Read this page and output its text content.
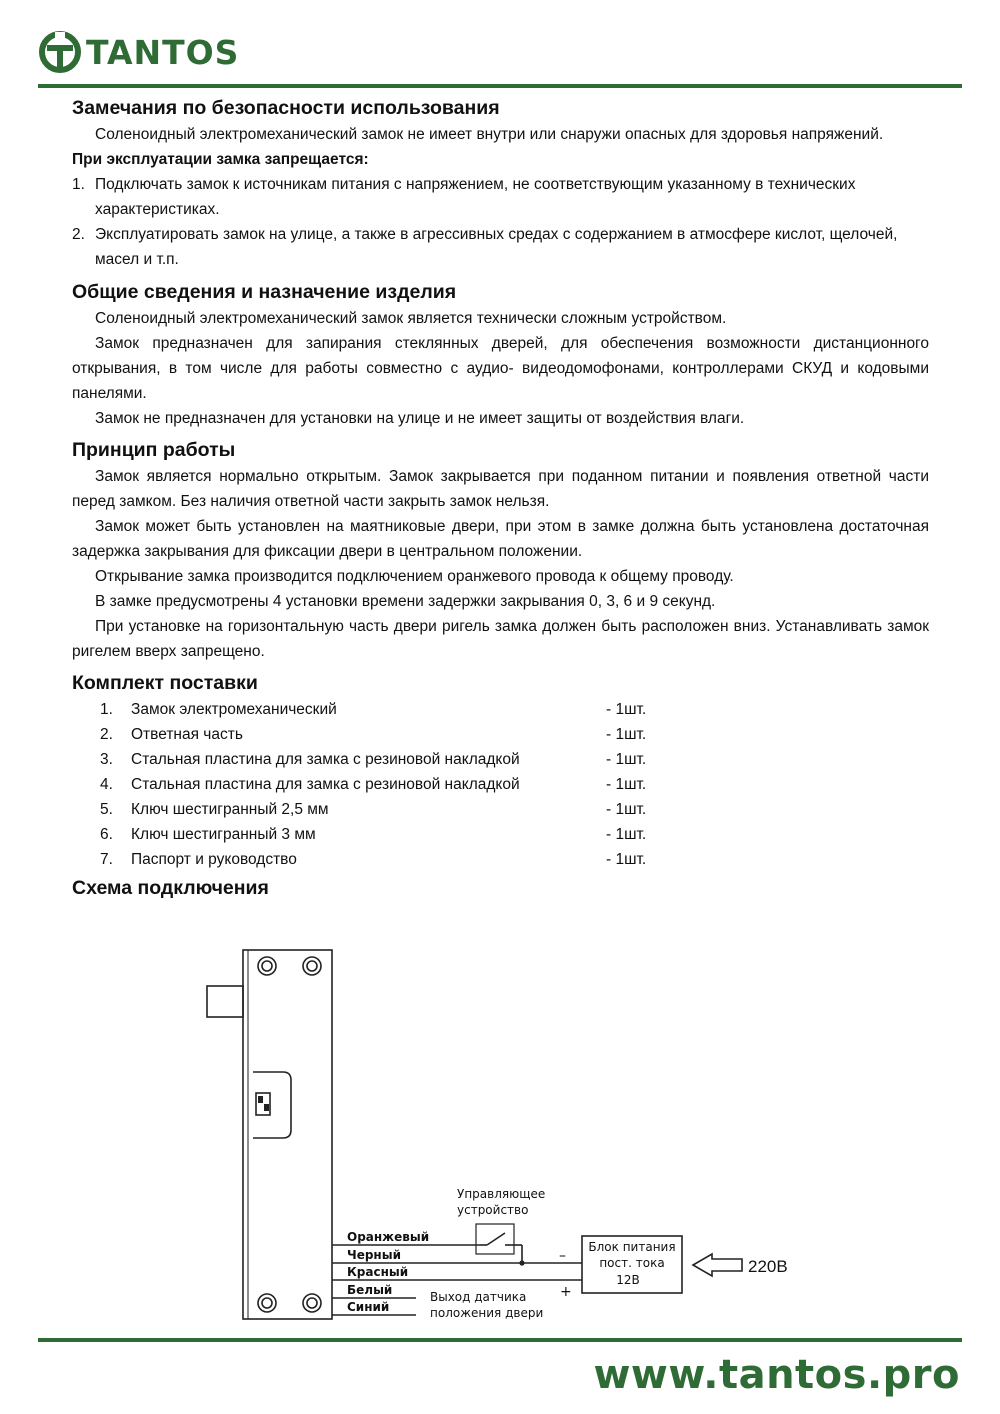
TANTOS
Замечания по безопасности использования

Соленоидный электромеханический замок не имеет внутри или снаружи опасных для здоровья напряжений.

При эксплуатации замка запрещается:

1. Подключать замок к источникам питания с напряжением, не соответствующим указанному в технических характеристиках.
2. Эксплуатировать замок на улице, а также в агрессивных средах с содержанием в атмосфере кислот, щелочей, масел и т.п.
Общие сведения и назначение изделия

Соленоидный электромеханический замок является технически сложным устройством.

Замок предназначен для запирания стеклянных дверей, для обеспечения возможности дистанционного открывания, в том числе для работы совместно с аудио- видеодомофонами, контроллерами СКУД и кодовыми панелями.

Замок не предназначен для установки на улице и не имеет защиты от воздействия влаги.

Принцип работы

Замок является нормально открытым. Замок закрывается при поданном питании и появления ответной части перед замком. Без наличия ответной части закрыть замок нельзя.

Замок может быть установлен на маятниковые двери, при этом в замке должна быть установлена достаточная задержка закрывания для фиксации двери в центральном положении.

Открывание замка производится подключением оранжевого провода к общему проводу.

В замке предусмотрены 4 установки времени задержки закрывания 0, 3, 6 и 9 секунд.

При установке на горизонтальную часть двери ригель замка должен быть расположен вниз. Устанавливать замок ригелем вверх запрещено.

Комплект поставки
1.	Замок электромеханический	- 1шт.
2.	Ответная часть	- 1шт.
3.	Стальная пластина для замка с резиновой накладкой	- 1шт.
4.	Стальная пластина для замка с резиновой накладкой	- 1шт.
5.	Ключ шестигранный 2,5 мм	- 1шт.
6.	Ключ шестигранный 3 мм	- 1шт.
7.	Паспорт и руководство	- 1шт.
Схема подключения
Управляющее
устройство
Оранжевый
Черный
Красный
Белый
Синий
Выход датчика
положения двери
Блок питания
пост. тока
12В
–
+
220В
www.tantos.pro
